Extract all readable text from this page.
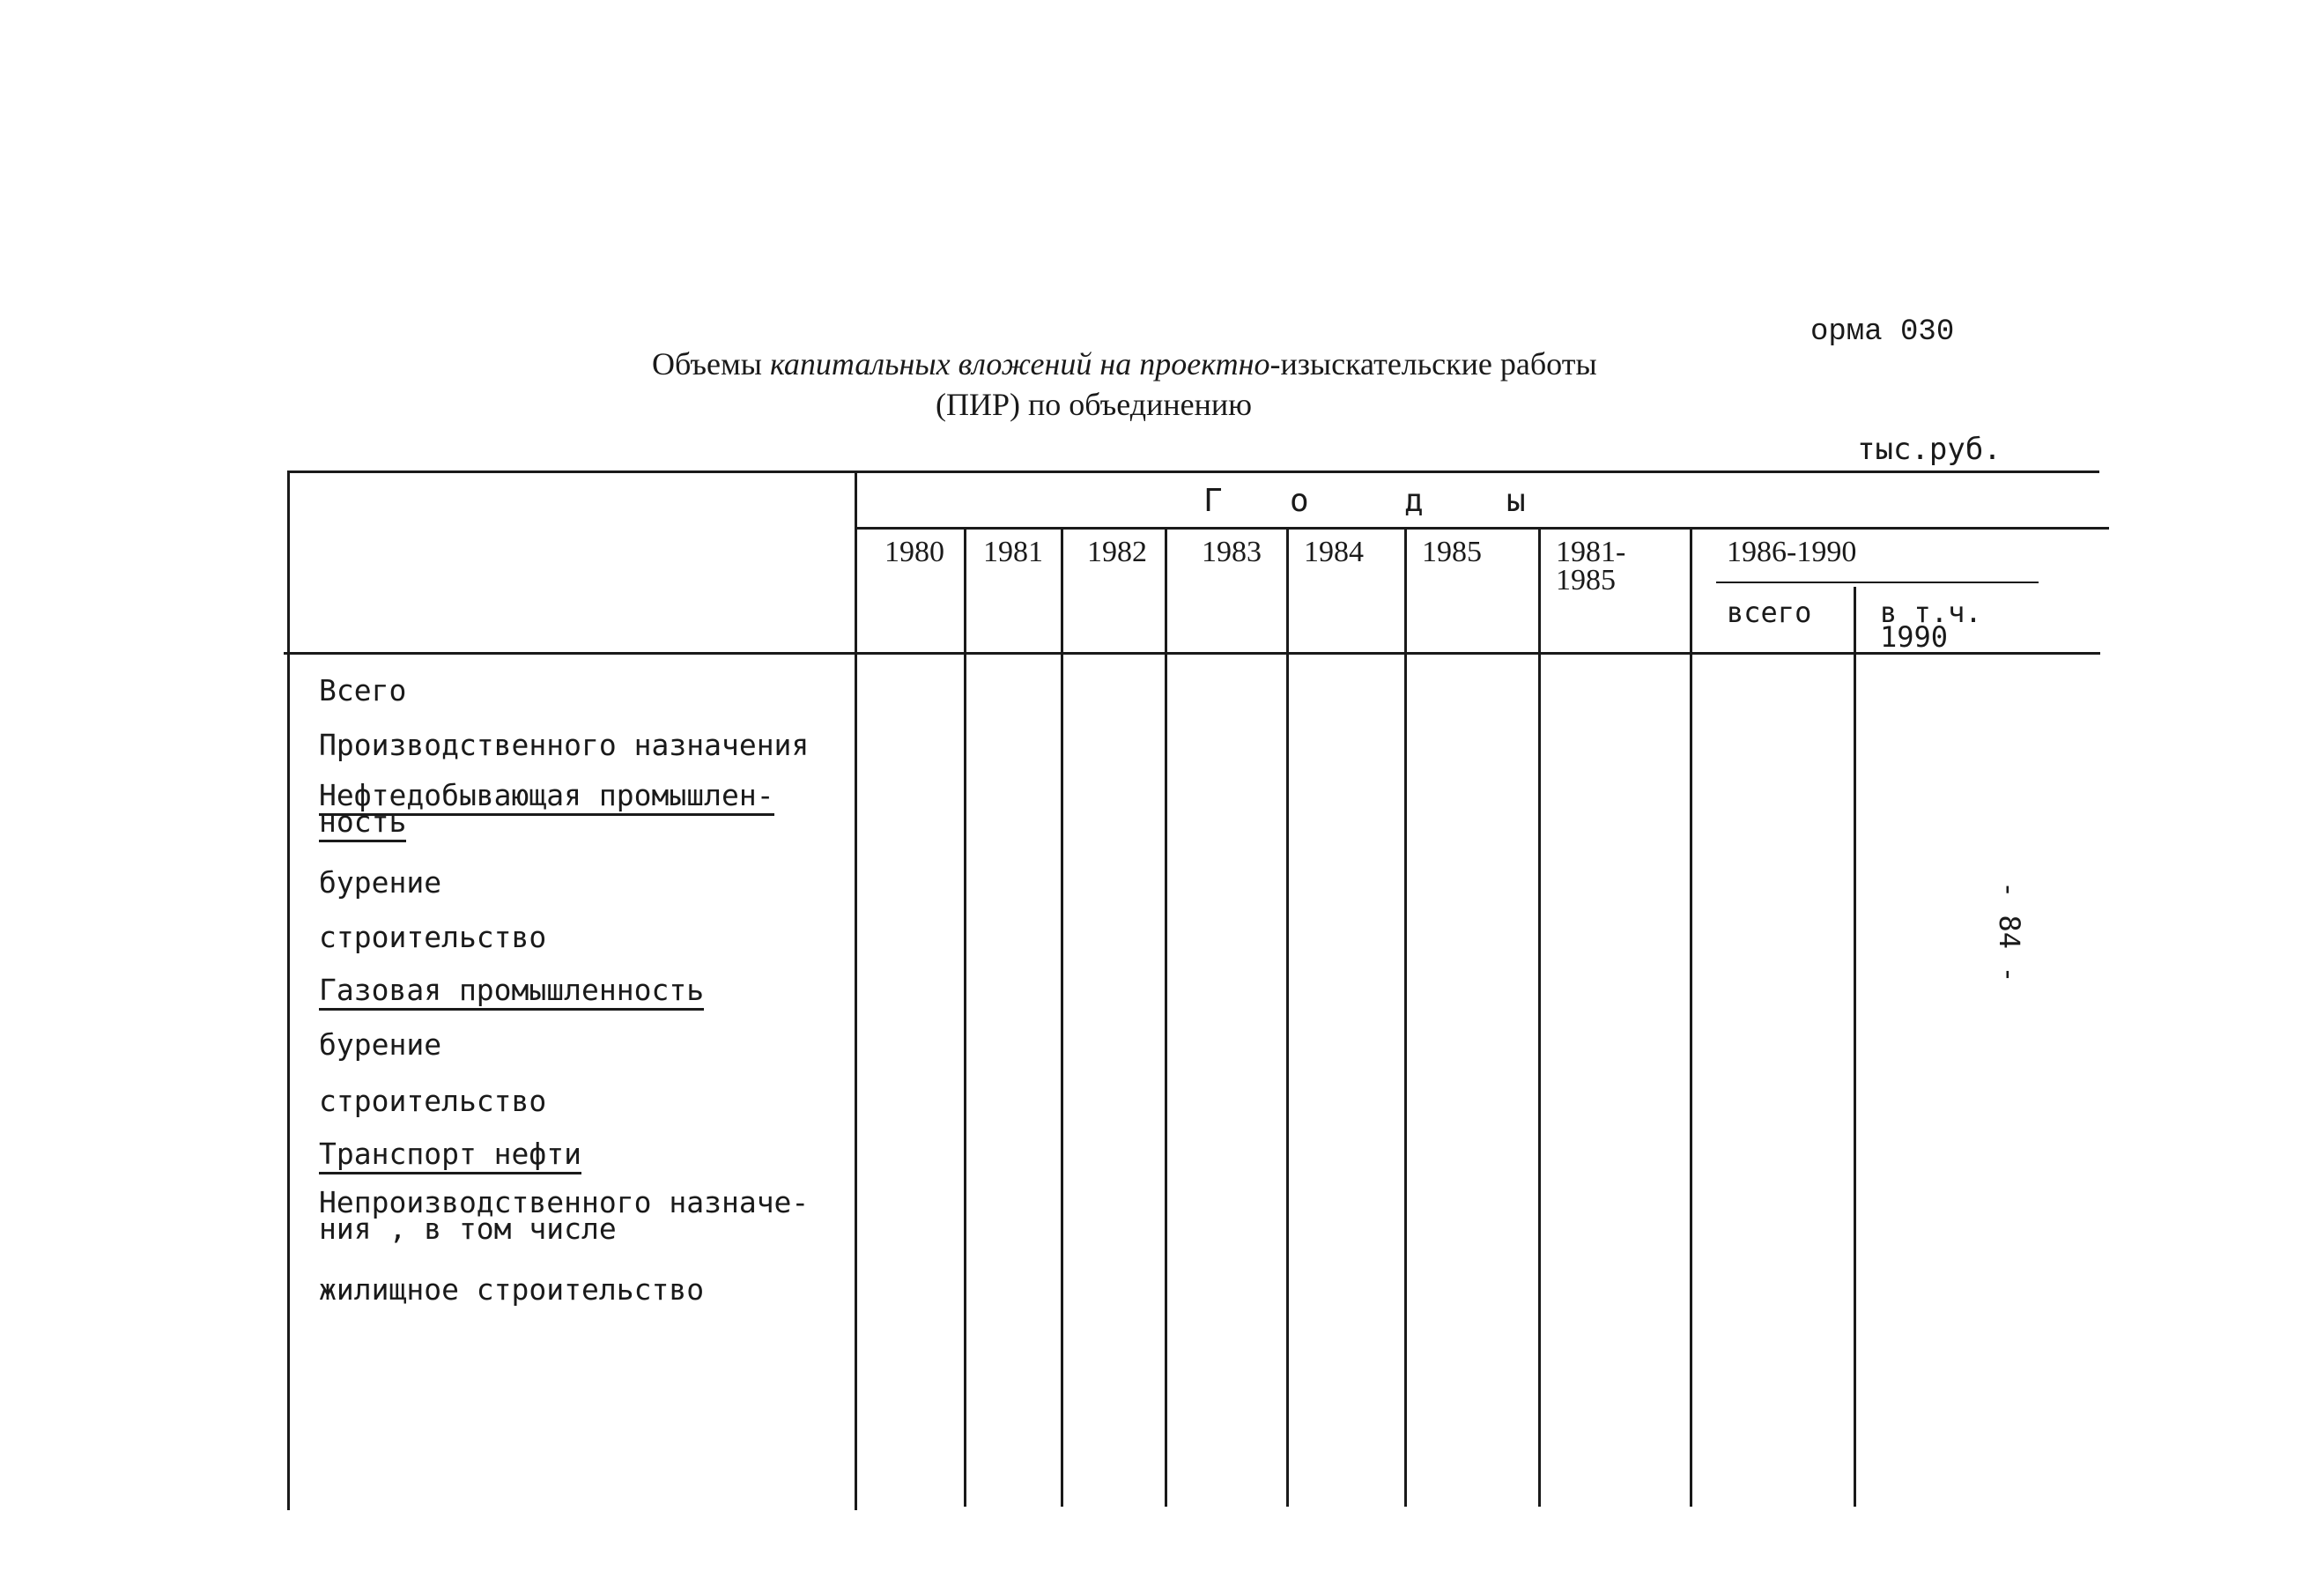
орма 030
Объемы капитальных вложений на проектно-изыскательские работы
(ПИР) по объединению
тыс.руб.
Г о	д	ы
1980 1981 1982 1983 1984 1985 1981-
1985
1986-1990
всего в т.ч.
1990
Всего
Производственного назначения
Нефтедобывающая промышлен-
ность
бурение
строительство
Газовая промышленность
бурение
строительство
Транспорт нефти
Непроизводственного назначе-
ния , в том числе
жилищное строительство
- 84 -
